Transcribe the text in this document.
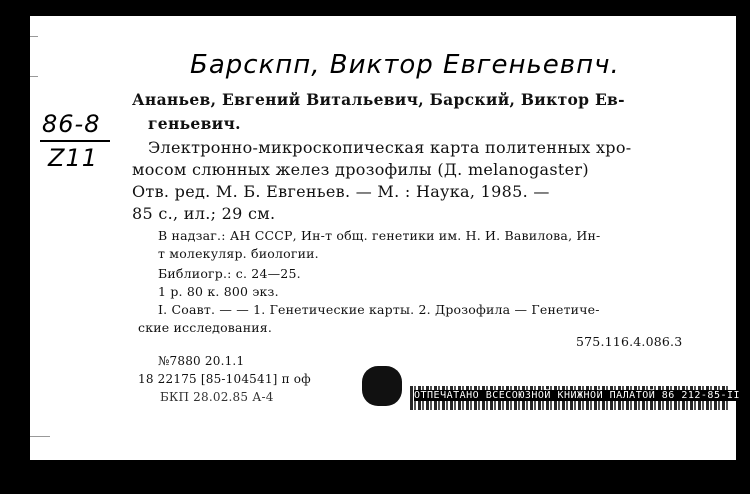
Барскпп, Виктор Евгеньевпч.
86-8
Z11
Ананьев, Евгений Витальевич, Барский, Виктор Ев-
геньевич.
Электронно-микроскопическая карта политенных хро-
мосом слюнных желез дрозофилы (Д. melanogaster)
Отв. ред. М. Б. Евгеньев. — М. : Наука, 1985. —
85 с., ил.; 29 см.
В надзаг.: АН СССР, Ин-т общ. генетики им. Н. И. Вавилова, Ин-
т молекуляр. биологии.
Библиогр.: с. 24—25.
1 р. 80 к. 800 экз.
I. Соавт. — — 1. Генетические карты. 2. Дрозофила — Генетиче-
ские исследования.
575.116.4.086.3
№7880 20.1.1
18 22175 [85-104541] п оф
БКП 28.02.85 А-4	ОТПЕЧАТАНО ВСЕСОЮЗНОЙ КНИЖНОЙ ПАЛАТОЙ 86 212-85-II
